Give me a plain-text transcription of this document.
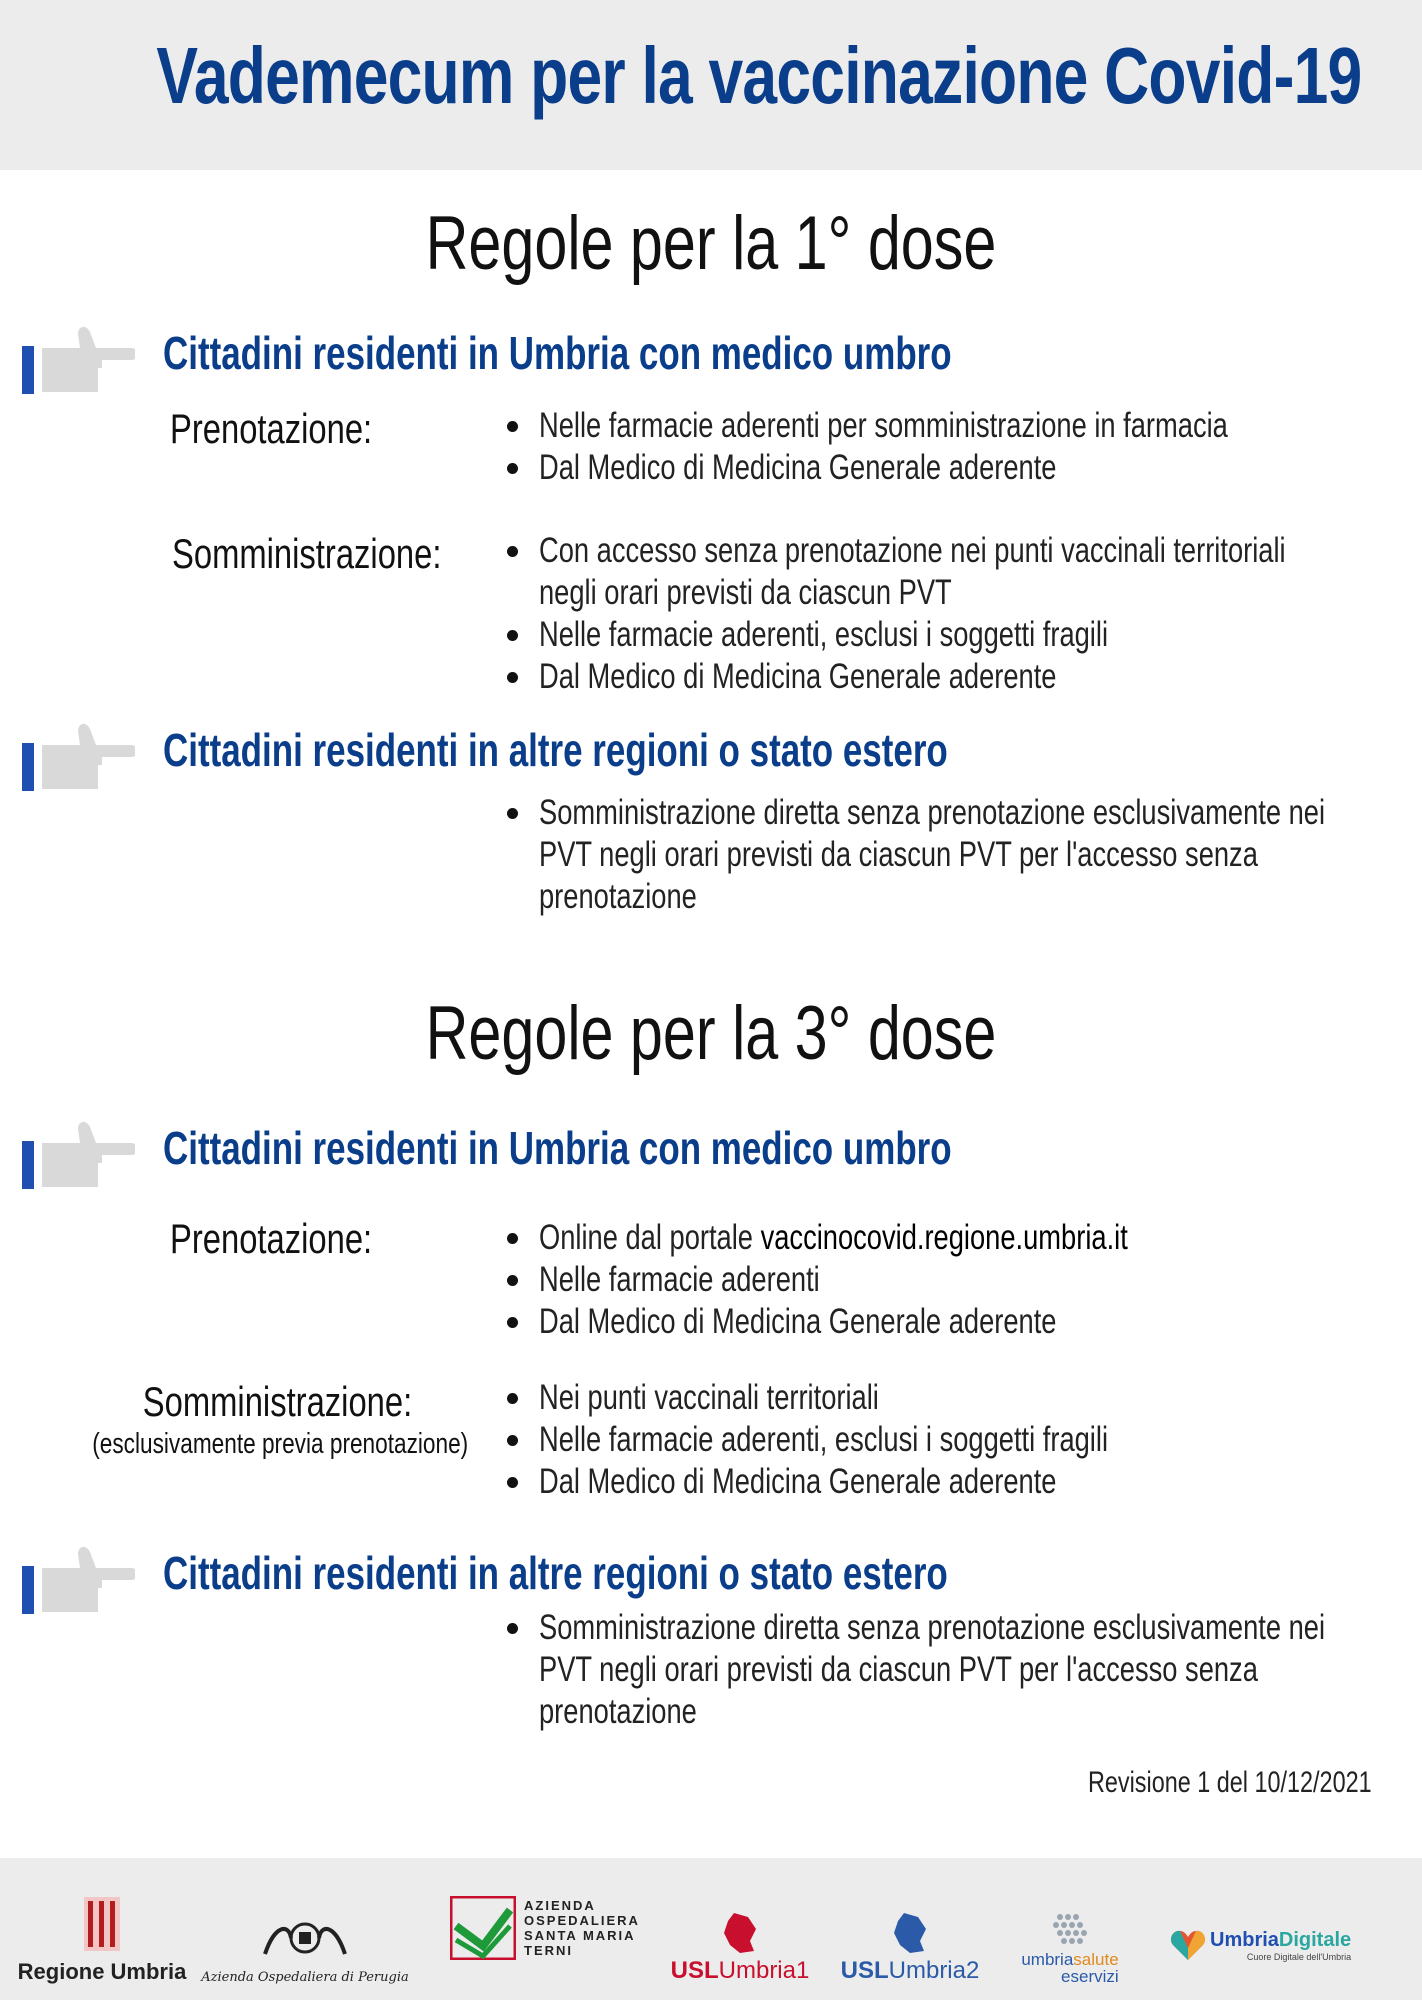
Vademecum per la vaccinazione Covid-19
Regole per la 1° dose
Cittadini residenti in Umbria con medico umbro
Prenotazione:	Nelle farmacie aderenti per somministrazione in farmacia
Dal Medico di Medicina Generale aderente
Somministrazione:	Con accesso senza prenotazione nei punti vaccinali territoriali
negli orari previsti da ciascun PVT
Nelle farmacie aderenti, esclusi i soggetti fragili
Dal Medico di Medicina Generale aderente
Cittadini residenti in altre regioni o stato estero
Somministrazione diretta senza prenotazione esclusivamente nei
PVT negli orari previsti da ciascun PVT per l'accesso senza
prenotazione
Regole per la 3° dose
Cittadini residenti in Umbria con medico umbro
Prenotazione:	Online dal portale vaccinocovid.regione.umbria.it
Nelle farmacie aderenti
Dal Medico di Medicina Generale aderente
Somministrazione:
(esclusivamente previa prenotazione)
Nei punti vaccinali territoriali
Nelle farmacie aderenti, esclusi i soggetti fragili
Dal Medico di Medicina Generale aderente
Cittadini residenti in altre regioni o stato estero
Somministrazione diretta senza prenotazione esclusivamente nei
PVT negli orari previsti da ciascun PVT per l'accesso senza
prenotazione
Revisione 1 del 10/12/2021
Regione Umbria Azienda Ospedaliera di Perugia
AZIENDA
OSPEDALIERA
SANTA MARIA
TERNI
USLUmbria1 USLUmbria2 umbriasalute
eservizi
UmbriaDigitale
Cuore Digitale dell'Umbria
